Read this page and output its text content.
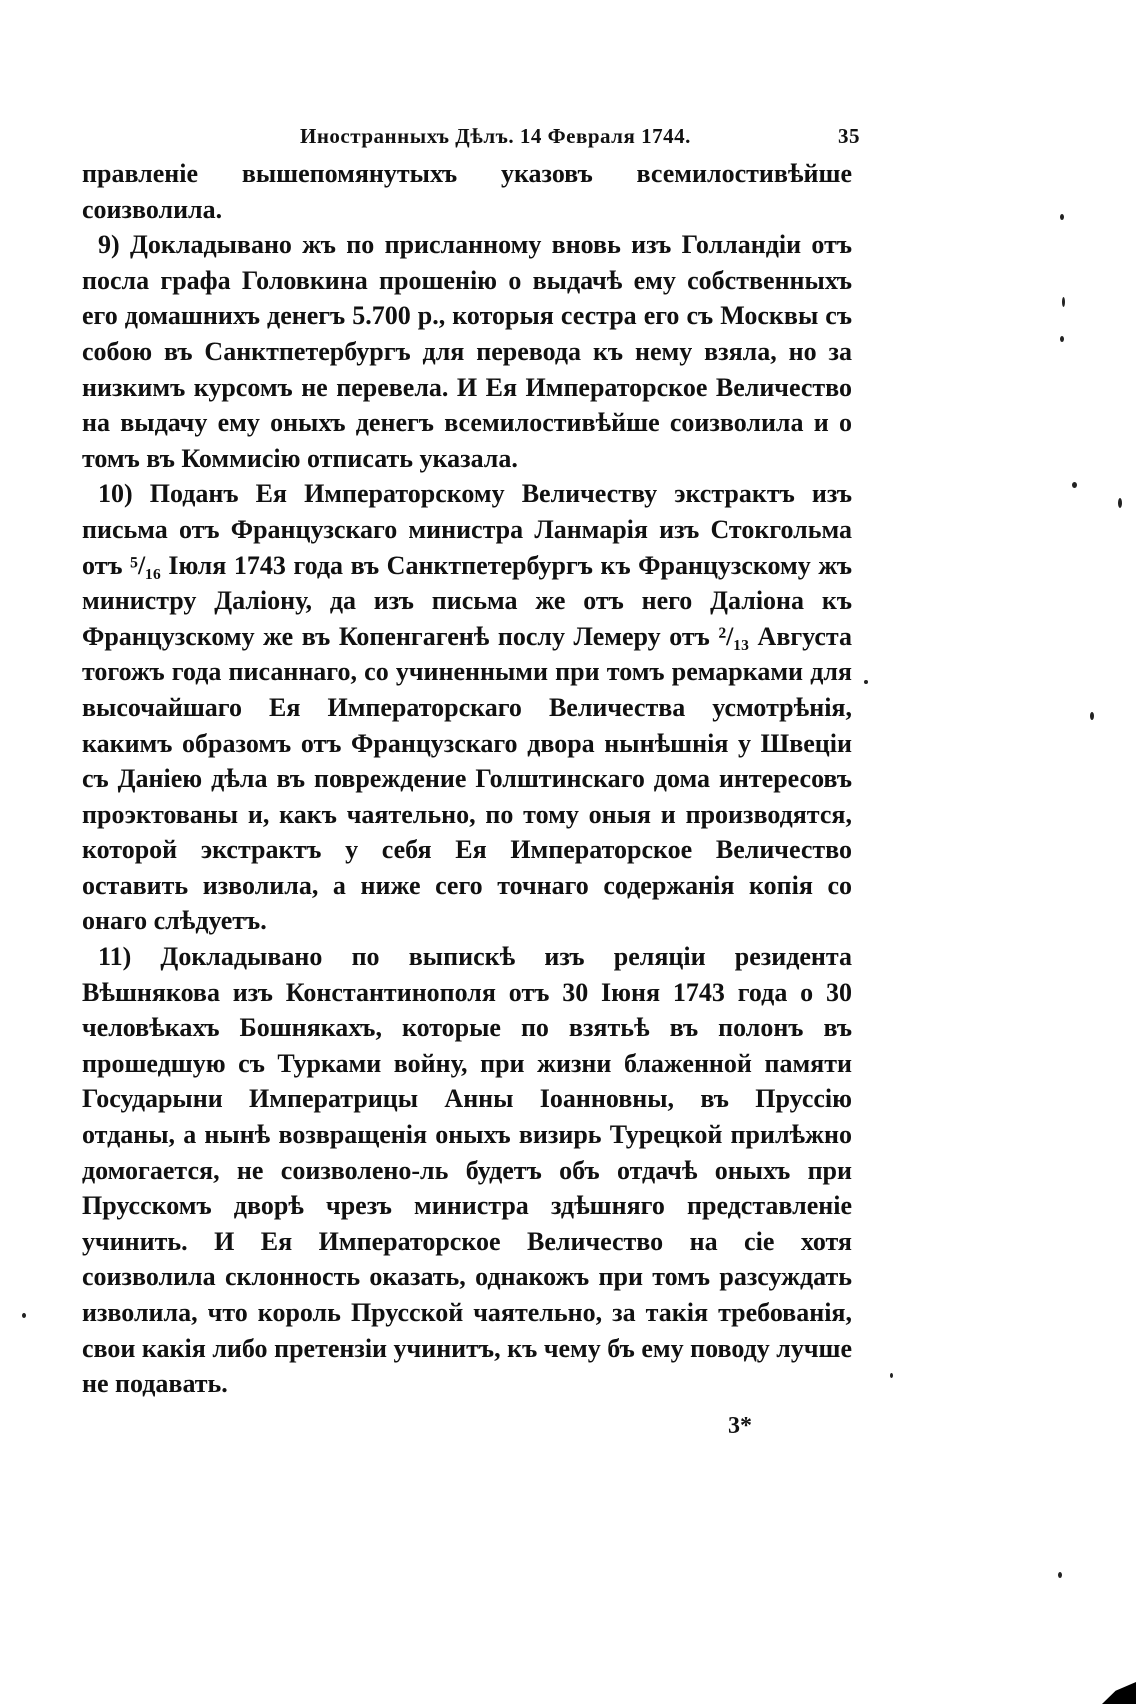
Иностранныхъ Дѣлъ. 14 Февраля 1744.	35

правленіе вышепомянутыхъ указовъ всемилостивѣйше соизволила.

9) Докладывано жъ по присланному вновь изъ Голландіи отъ посла графа Головкина прошенію о выдачѣ ему собственныхъ его домашнихъ денегъ 5.700 р., которыя сестра его съ Москвы съ собою въ Санктпетербургъ для перевода къ нему взяла, но за низкимъ курсомъ не перевела. И Ея Императорское Величество на выдачу ему оныхъ денегъ всемилостивѣйше соизволила и о томъ въ Коммисію отписать указала.

10) Поданъ Ея Императорскому Величеству экстрактъ изъ письма отъ Французскаго министра Ланмарія изъ Стокгольма отъ ⁵/₁₆ Іюля 1743 года въ Санктпетербургъ къ Французскому жъ министру Даліону, да изъ письма же отъ него Даліона къ Французскому же въ Копенгагенѣ послу Лемеру отъ ²/₁₃ Августа тогожъ года писаннаго, со учиненными при томъ ремарками для высочайшаго Ея Императорскаго Величества усмотрѣнія, какимъ образомъ отъ Французскаго двора нынѣшнія у Швеціи съ Даніею дѣла въ повреждение Голштинскаго дома интересовъ проэктованы и, какъ чаятельно, по тому оныя и производятся, которой экстрактъ у себя Ея Императорское Величество оставить изволила, а ниже сего точнаго содержанія копія со онаго слѣдуетъ.

11) Докладывано по выпискѣ изъ реляціи резидента Вѣшнякова изъ Константинополя отъ 30 Іюня 1743 года о 30 человѣкахъ Бошнякахъ, которые по взятьѣ въ полонъ въ прошедшую съ Турками войну, при жизни блаженной памяти Государыни Императрицы Анны Іоанновны, въ Пруссію отданы, а нынѣ возвращенія оныхъ визирь Турецкой прилѣжно домогается, не соизволено-ль будетъ объ отдачѣ оныхъ при Прусскомъ дворѣ чрезъ министра здѣшняго представленіе учинить. И Ея Императорское Величество на сіе хотя соизволила склонность оказать, однакожъ при томъ разсуждать изволила, что король Прусской чаятельно, за такія требованія, свои какія либо претензіи учинитъ, къ чему бъ ему поводу лучше не подавать.

3*
